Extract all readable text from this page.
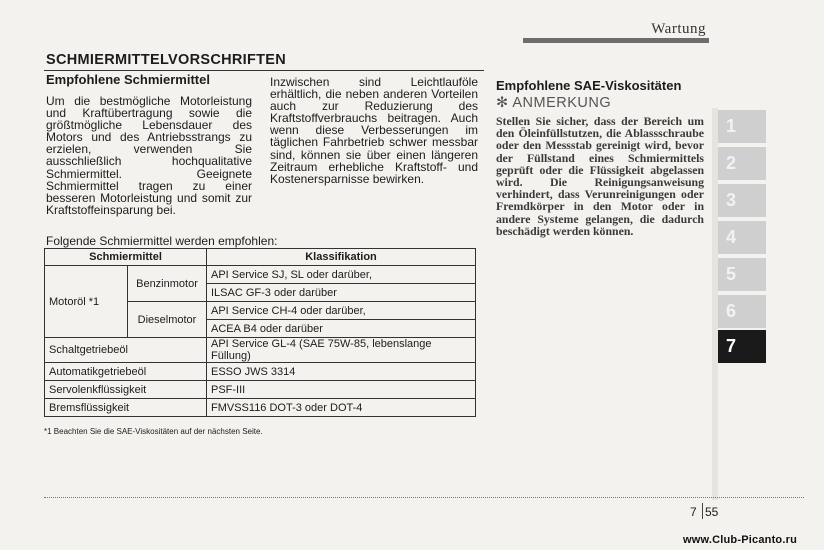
Wartung
SCHMIERMITTELVORSCHRIFTEN
Empfohlene Schmiermittel
Um die bestmögliche Motorleistung und Kraftübertragung sowie die größtmögliche Lebensdauer des Motors und des Antriebsstrangs zu erzielen, verwenden Sie ausschließlich hochqualitative Schmiermittel. Geeignete Schmiermittel tragen zu einer besseren Motorleistung und somit zur Kraftstoffeinsparung bei.
Inzwischen sind Leichtlauföle erhältlich, die neben anderen Vorteilen auch zur Reduzierung des Kraftstoffverbrauchs beitragen. Auch wenn diese Verbesserungen im täglichen Fahrbetrieb schwer messbar sind, können sie über einen längeren Zeitraum erhebliche Kraftstoff- und Kostenersparnisse bewirken.
Empfohlene SAE-Viskositäten
✻ ANMERKUNG
Stellen Sie sicher, dass der Bereich um den Öleinfüllstutzen, die Ablassschraube oder den Messstab gereinigt wird, bevor der Füllstand eines Schmiermittels geprüft oder die Flüssigkeit abgelassen wird. Die Reinigungsanweisung verhindert, dass Verunreinigungen oder Fremdkörper in den Motor oder in andere Systeme gelangen, die dadurch beschädigt werden können.
Folgende Schmiermittel werden empfohlen:
Schmiermittel		Klassifikation
Motoröl *1	Benzinmotor	API Service SJ, SL oder darüber,
		ILSAC GF-3 oder darüber
	Dieselmotor	API Service CH-4 oder darüber,
		ACEA B4 oder darüber
Schaltgetriebeöl		API Service GL-4 (SAE 75W-85, lebenslange Füllung)
Automatikgetriebeöl		ESSO JWS 3314
Servolenkflüssigkeit		PSF-III
Bremsflüssigkeit		FMVSS116 DOT-3 oder DOT-4
*1 Beachten Sie die SAE-Viskositäten auf der nächsten Seite.
1
2
3
4
5
6
7
7 55
www.Club-Picanto.ru
